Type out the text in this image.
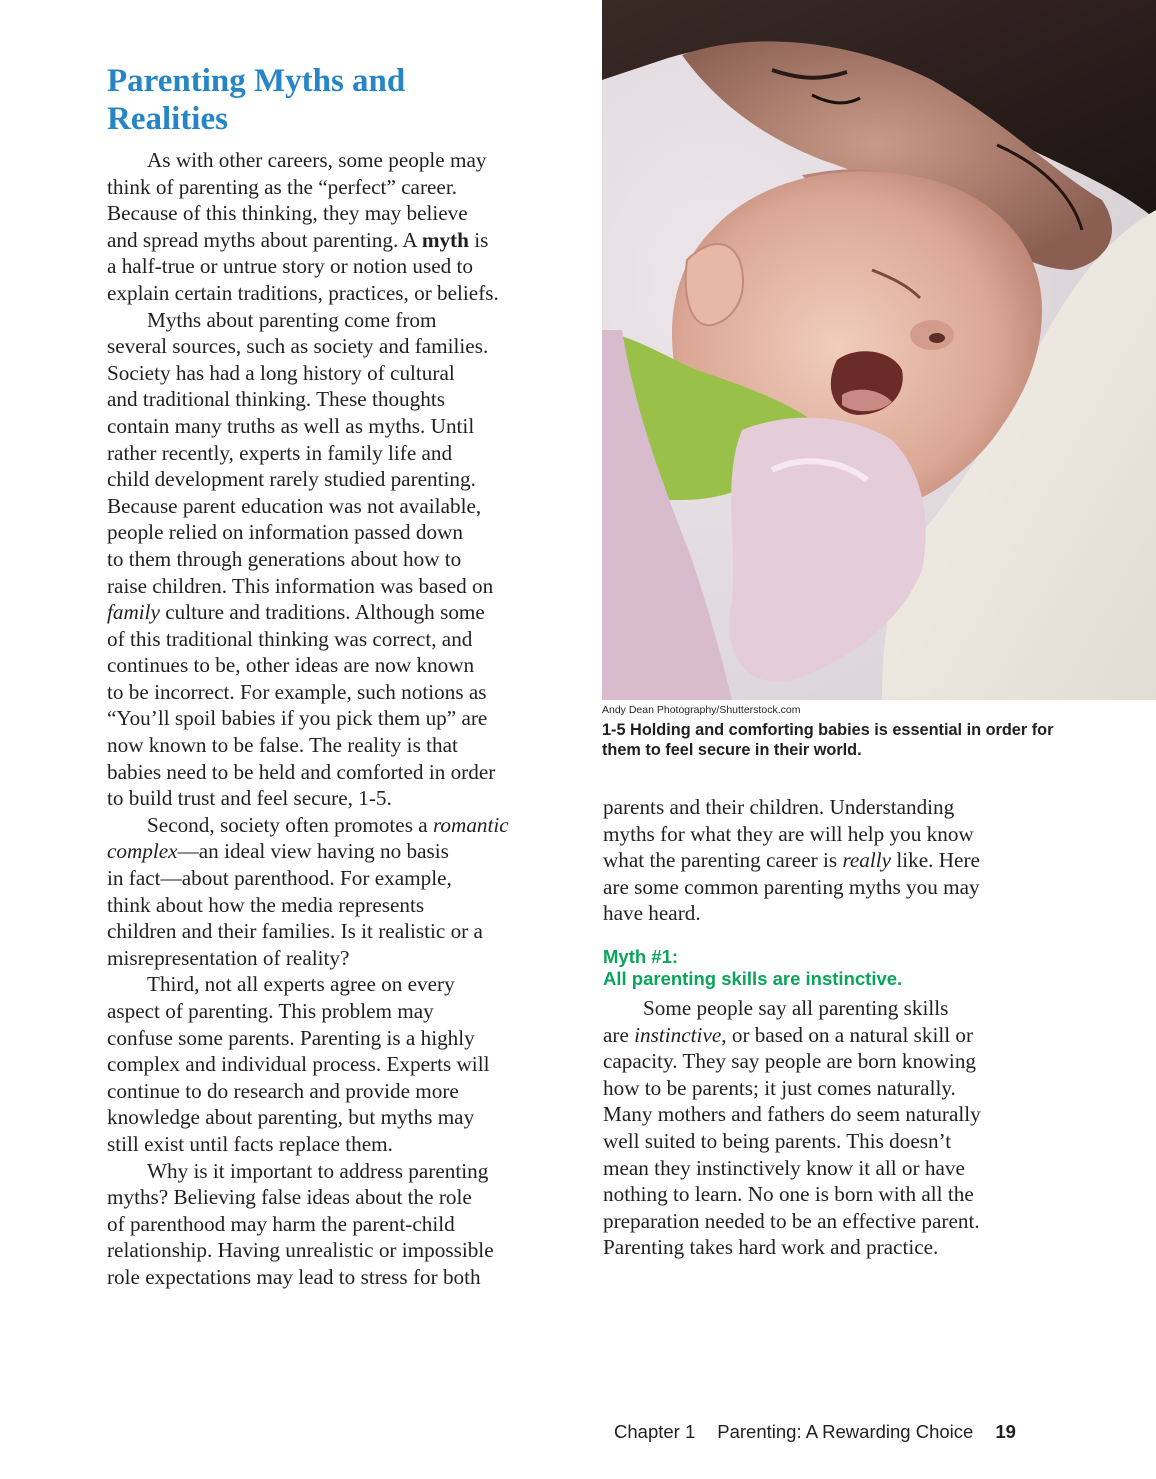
Parenting Myths and
Realities
As with other careers, some people may
think of parenting as the “perfect” career.
Because of this thinking, they may believe
and spread myths about parenting. A myth is
a half-true or untrue story or notion used to
explain certain traditions, practices, or beliefs.
Myths about parenting come from
several sources, such as society and families.
Society has had a long history of cultural
and traditional thinking. These thoughts
contain many truths as well as myths. Until
rather recently, experts in family life and
child development rarely studied parenting.
Because parent education was not available,
people relied on information passed down
to them through generations about how to
raise children. This information was based on
family culture and traditions. Although some
of this traditional thinking was correct, and
continues to be, other ideas are now known
to be incorrect. For example, such notions as
“You’ll spoil babies if you pick them up” are
now known to be false. The reality is that
babies need to be held and comforted in order
to build trust and feel secure, 1-5.
Second, society often promotes a romantic
complex—an ideal view having no basis
in fact—about parenthood. For example,
think about how the media represents
children and their families. Is it realistic or a
misrepresentation of reality?
Third, not all experts agree on every
aspect of parenting. This problem may
confuse some parents. Parenting is a highly
complex and individual process. Experts will
continue to do research and provide more
knowledge about parenting, but myths may
still exist until facts replace them.
Why is it important to address parenting
myths? Believing false ideas about the role
of parenthood may harm the parent-child
relationship. Having unrealistic or impossible
role expectations may lead to stress for both
Andy Dean Photography/Shutterstock.com
1-5 Holding and comforting babies is essential in order for them to feel secure in their world.
parents and their children. Understanding
myths for what they are will help you know
what the parenting career is really like. Here
are some common parenting myths you may
have heard.
Myth #1:
All parenting skills are instinctive.
Some people say all parenting skills
are instinctive, or based on a natural skill or
capacity. They say people are born knowing
how to be parents; it just comes naturally.
Many mothers and fathers do seem naturally
well suited to being parents. This doesn’t
mean they instinctively know it all or have
nothing to learn. No one is born with all the
preparation needed to be an effective parent.
Parenting takes hard work and practice.
Chapter 1 Parenting: A Rewarding Choice 19
